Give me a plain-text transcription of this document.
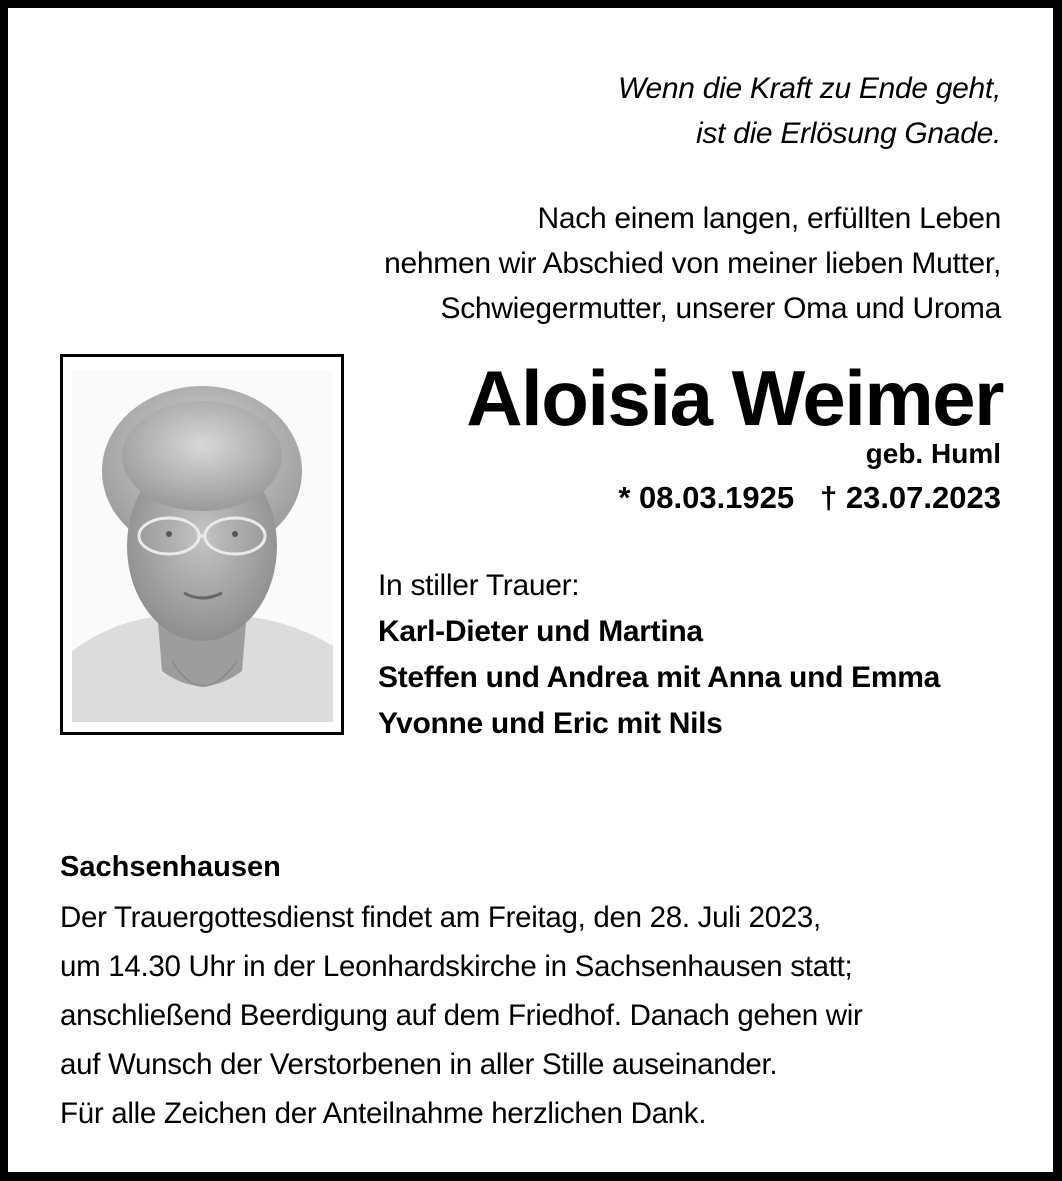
Wenn die Kraft zu Ende geht,
ist die Erlösung Gnade.
Nach einem langen, erfüllten Leben
nehmen wir Abschied von meiner lieben Mutter,
Schwiegermutter, unserer Oma und Uroma
Aloisia Weimer
geb. Huml
* 08.03.1925 † 23.07.2023
In stiller Trauer:
Karl-Dieter und Martina
Steffen und Andrea mit Anna und Emma
Yvonne und Eric mit Nils
Sachsenhausen
Der Trauergottesdienst findet am Freitag, den 28. Juli 2023,
um 14.30 Uhr in der Leonhardskirche in Sachsenhausen statt;
anschließend Beerdigung auf dem Friedhof. Danach gehen wir
auf Wunsch der Verstorbenen in aller Stille auseinander.
Für alle Zeichen der Anteilnahme herzlichen Dank.
